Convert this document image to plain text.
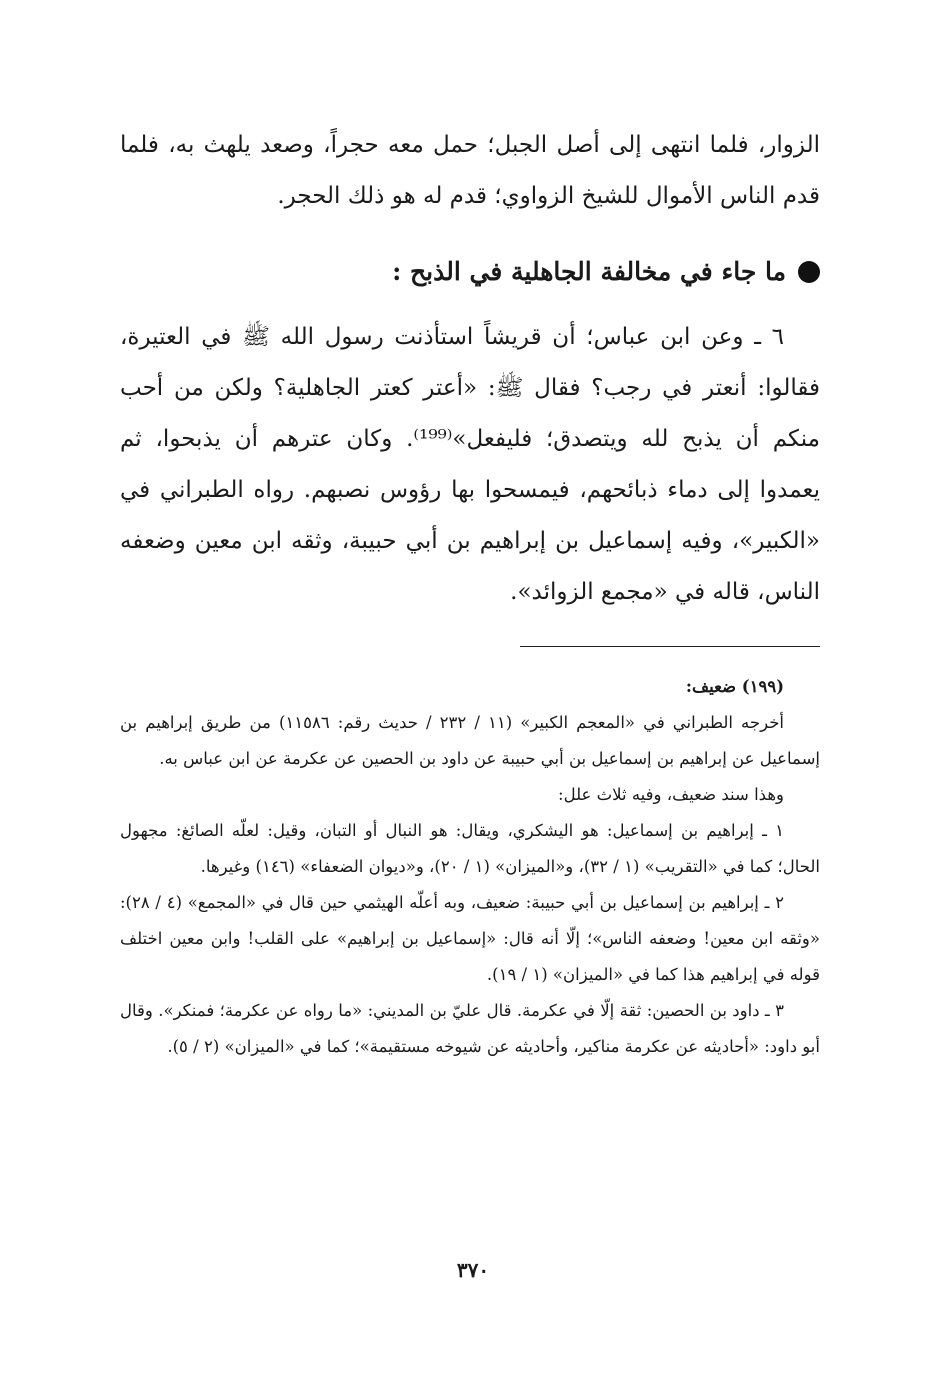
الزوار، فلما انتهى إلى أصل الجبل؛ حمل معه حجراً، وصعد يلهث به، فلما قدم الناس الأموال للشيخ الزواوي؛ قدم له هو ذلك الحجر.

ما جاء في مخالفة الجاهلية في الذبح :

٦ ـ وعن ابن عباس؛ أن قريشاً استأذنت رسول الله ﷺ في العتيرة، فقالوا: أنعتر في رجب؟ فقال ﷺ: «أعتر كعتر الجاهلية؟ ولكن من أحب منكم أن يذبح لله ويتصدق؛ فليفعل»⁽¹⁹⁹⁾. وكان عترهم أن يذبحوا، ثم يعمدوا إلى دماء ذبائحهم، فيمسحوا بها رؤوس نصبهم. رواه الطبراني في «الكبير»، وفيه إسماعيل بن إبراهيم بن أبي حبيبة، وثقه ابن معين وضعفه الناس، قاله في «مجمع الزوائد».

(١٩٩) ضعيف:

أخرجه الطبراني في «المعجم الكبير» (١١ / ٢٣٢ / حديث رقم: ١١٥٨٦) من طريق إبراهيم بن إسماعيل عن إبراهيم بن إسماعيل بن أبي حبيبة عن داود بن الحصين عن عكرمة عن ابن عباس به.

وهذا سند ضعيف، وفيه ثلاث علل:

١ ـ إبراهيم بن إسماعيل: هو اليشكري، ويقال: هو النبال أو التبان، وقيل: لعلّه الصائغ: مجهول الحال؛ كما في «التقريب» (١ / ٣٢)، و«الميزان» (١ / ٢٠)، و«ديوان الضعفاء» (١٤٦) وغيرها.

٢ ـ إبراهيم بن إسماعيل بن أبي حبيبة: ضعيف، وبه أعلّه الهيثمي حين قال في «المجمع» (٤ / ٢٨): «وثقه ابن معين! وضعفه الناس»؛ إلّا أنه قال: «إسماعيل بن إبراهيم» على القلب! وابن معين اختلف قوله في إبراهيم هذا كما في «الميزان» (١ / ١٩).

٣ ـ داود بن الحصين: ثقة إلّا في عكرمة. قال عليّ بن المديني: «ما رواه عن عكرمة؛ فمنكر». وقال أبو داود: «أحاديثه عن عكرمة مناكير، وأحاديثه عن شيوخه مستقيمة»؛ كما في «الميزان» (٢ / ٥).

٣٧٠
